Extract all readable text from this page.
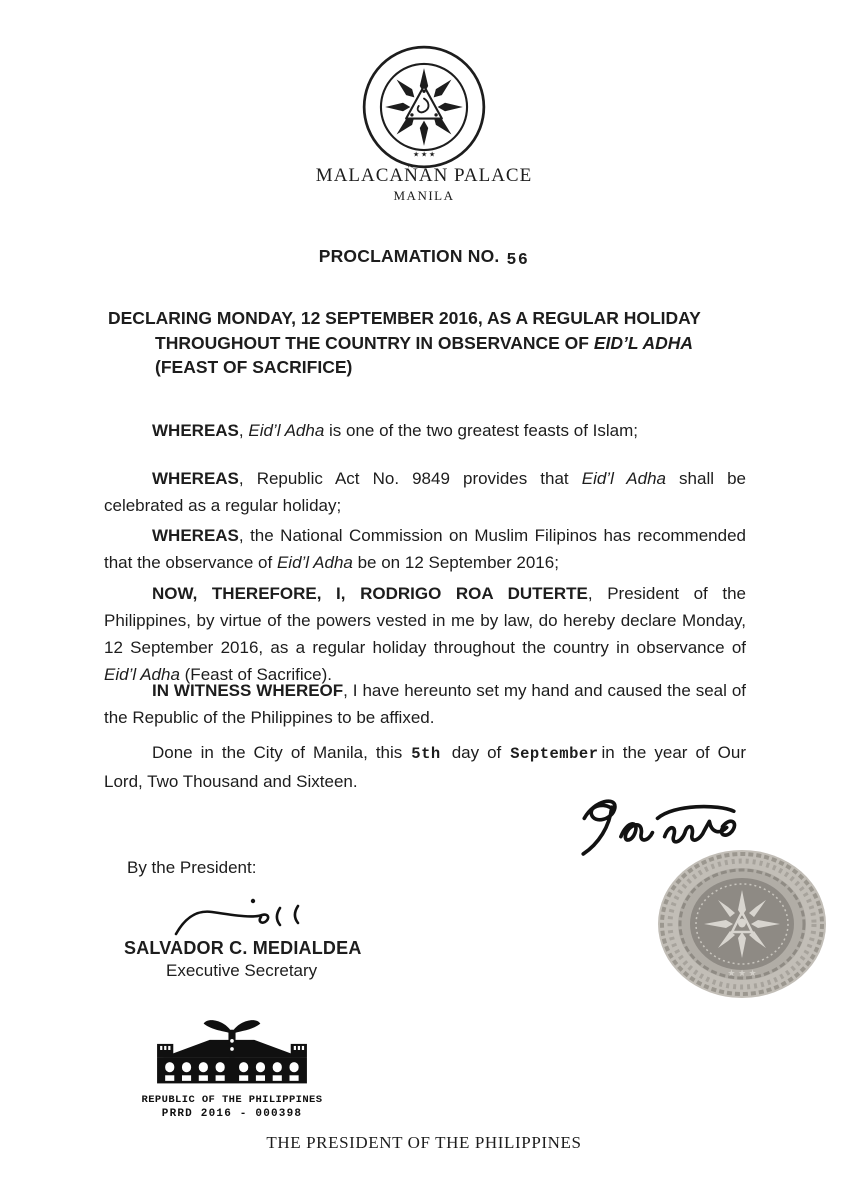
★ ★ ★
MALACAÑAN PALACE
MANILA
PROCLAMATION NO. 56
DECLARING MONDAY, 12 SEPTEMBER 2016, AS A REGULAR HOLIDAY
THROUGHOUT THE COUNTRY IN OBSERVANCE OF EID’L ADHA
(FEAST OF SACRIFICE)

WHEREAS, Eid’l Adha is one of the two greatest feasts of Islam;

WHEREAS, Republic Act No. 9849 provides that Eid’l Adha shall be celebrated as a regular holiday;

WHEREAS, the National Commission on Muslim Filipinos has recommended that the observance of Eid’l Adha be on 12 September 2016;

NOW, THEREFORE, I, RODRIGO ROA DUTERTE, President of the Philippines, by virtue of the powers vested in me by law, do hereby declare Monday, 12 September 2016, as a regular holiday throughout the country in observance of Eid’l Adha (Feast of Sacrifice).

IN WITNESS WHEREOF, I have hereunto set my hand and caused the seal of the Republic of the Philippines to be affixed.

Done in the City of Manila, this 5th day of September in the year of Our Lord, Two Thousand and Sixteen.

★ ★ ★
By the President:
SALVADOR C. MEDIALDEA
Executive Secretary
REPUBLIC OF THE PHILIPPINES
PRRD 2016 - 000398
THE PRESIDENT OF THE PHILIPPINES
